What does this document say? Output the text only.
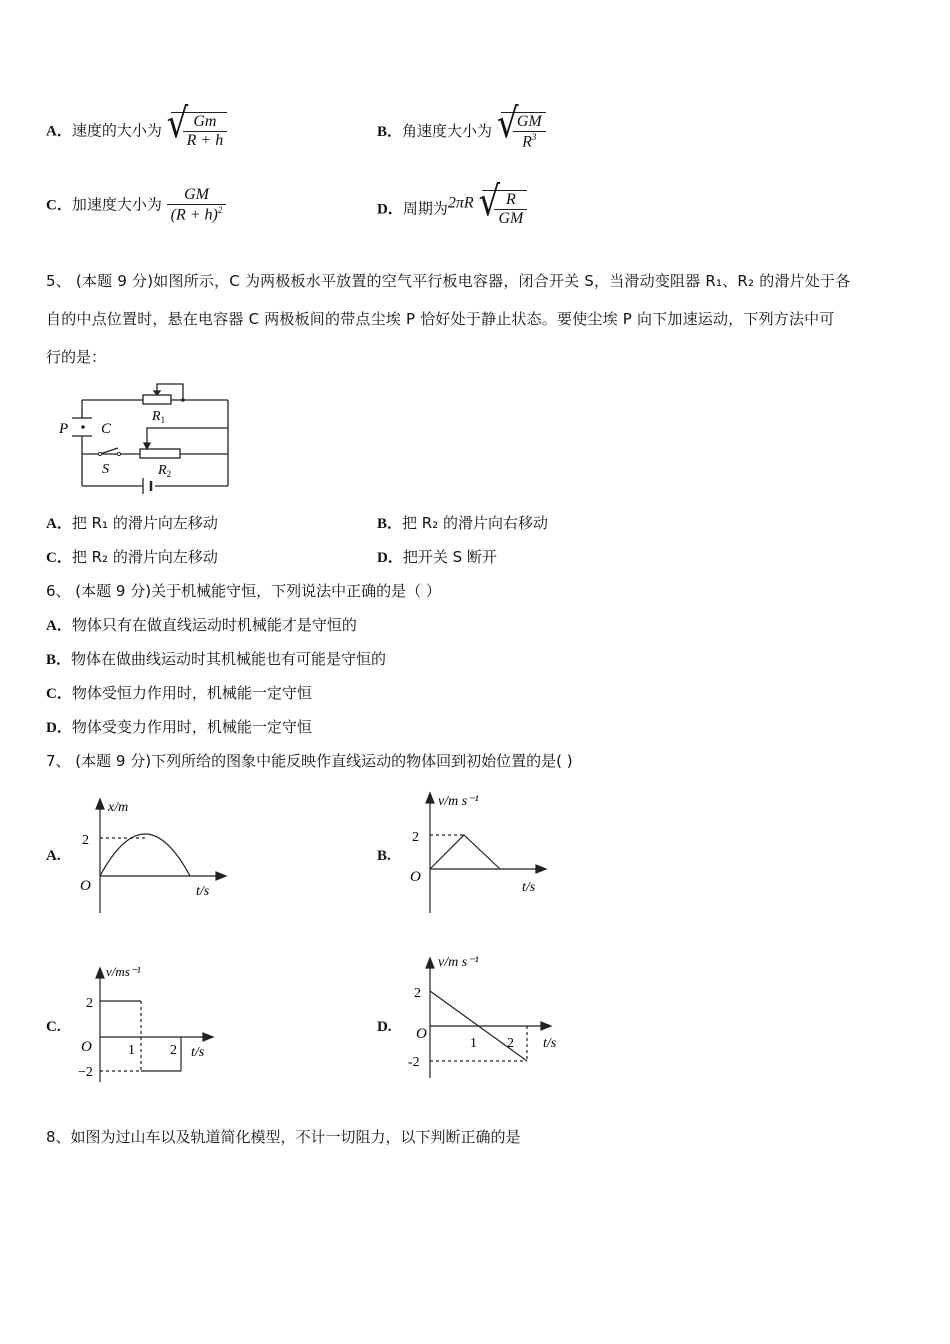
A．速度的大小为 √ $\frac{Gm}{R + h}$	B．角速度大小为 √ $\frac{GM}{R^3}$
C．加速度大小为 $\frac{GM}{(R + h)^2}$	D．周期为2πR √ $\frac{R}{GM}$
5、 (本题 9 分)如图所示，C 为两极板水平放置的空气平行板电容器，闭合开关 S，当滑动变阻器 R₁、R₂ 的滑片处于各
自的中点位置时，悬在电容器 C 两极板间的带点尘埃 P 恰好处于静止状态。要使尘埃 P 向下加速运动，下列方法中可
行的是：
P C
S
$R_1$
$R_2$
A．把 R₁ 的滑片向左移动	B．把 R₂ 的滑片向右移动
C．把 R₂ 的滑片向左移动	D．把开关 S 断开
6、 (本题 9 分)关于机械能守恒，下列说法中正确的是（ ）
A．物体只有在做直线运动时机械能才是守恒的
B．物体在做曲线运动时其机械能也有可能是守恒的
C．物体受恒力作用时，机械能一定守恒
D．物体受变力作用时，机械能一定守恒
7、 (本题 9 分)下列所给的图象中能反映作直线运动的物体回到初始位置的是( )
A.
x/m
t/s
O
2
B.
v/m s⁻¹
t/s
O
2
C.
v/ms⁻¹
t/s
O
2
−2
1	2
D.
v/m s⁻¹
t/s
O
2
-2
1 2
8、如图为过山车以及轨道简化模型，不计一切阻力，以下判断正确的是
